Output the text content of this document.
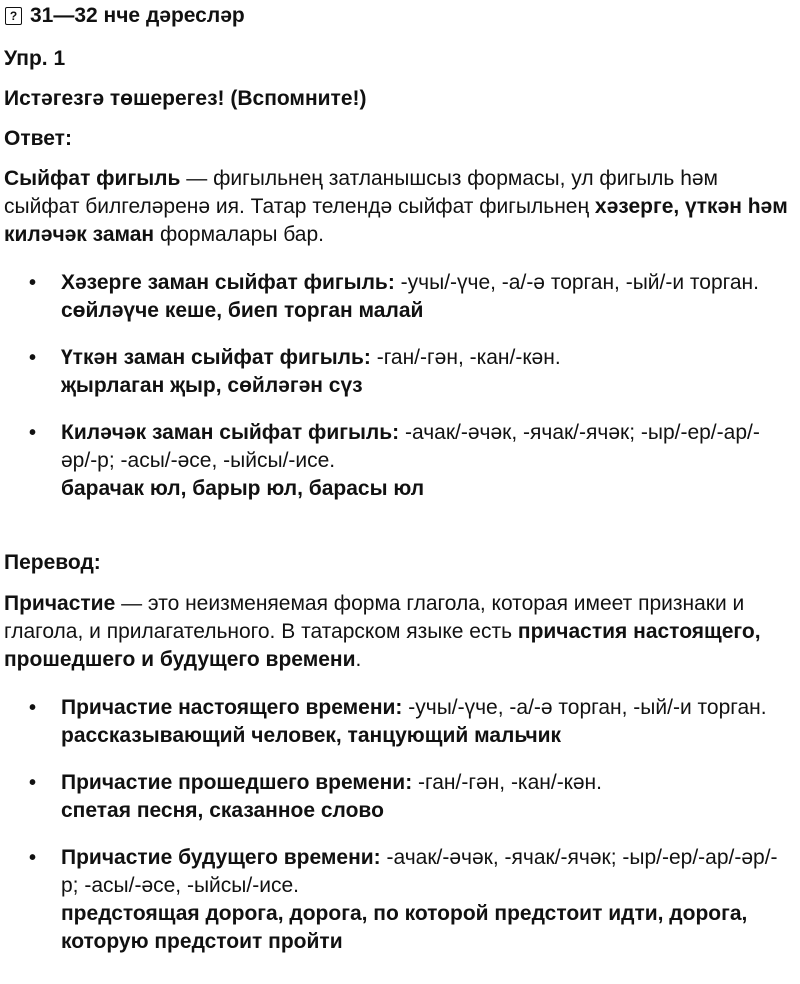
? 31—32 нче дәресләр
Упр. 1
Истәгезгә төшерегез! (Вспомните!)
Ответ:

Сыйфат фигыль — фигыльнең затланышсыз формасы, ул фигыль һәм сыйфат билгеләренә ия. Татар телендә сыйфат фигыльнең хәзерге, үткән һәм киләчәк заман формалары бар.

• Хәзерге заман сыйфат фигыль: -учы/-үче, -а/-ә торган, -ый/-и торган.
сөйләүче кеше, биеп торган малай
• Үткән заман сыйфат фигыль: -ган/-гән, -кан/-кән.
җырлаган җыр, сөйләгән сүз
• Киләчәк заман сыйфат фигыль: -ачак/-әчәк, -ячак/-ячәк; -ыр/-ер/-ар/-әр/-р; -асы/-әсе, -ыйсы/-исе.
барачак юл, барыр юл, барасы юл
Перевод:

Причастие — это неизменяемая форма глагола, которая имеет признаки и глагола, и прилагательного. В татарском языке есть причастия настоящего, прошедшего и будущего времени.

• Причастие настоящего времени: -учы/-үче, -а/-ә торган, -ый/-и торган.
рассказывающий человек, танцующий мальчик
• Причастие прошедшего времени: -ган/-гән, -кан/-кән.
спетая песня, сказанное слово
• Причастие будущего времени: -ачак/-әчәк, -ячак/-ячәк; -ыр/-ер/-ар/-әр/-р; -асы/-әсе, -ыйсы/-исе.
предстоящая дорога, дорога, по которой предстоит идти, дорога, которую предстоит пройти
